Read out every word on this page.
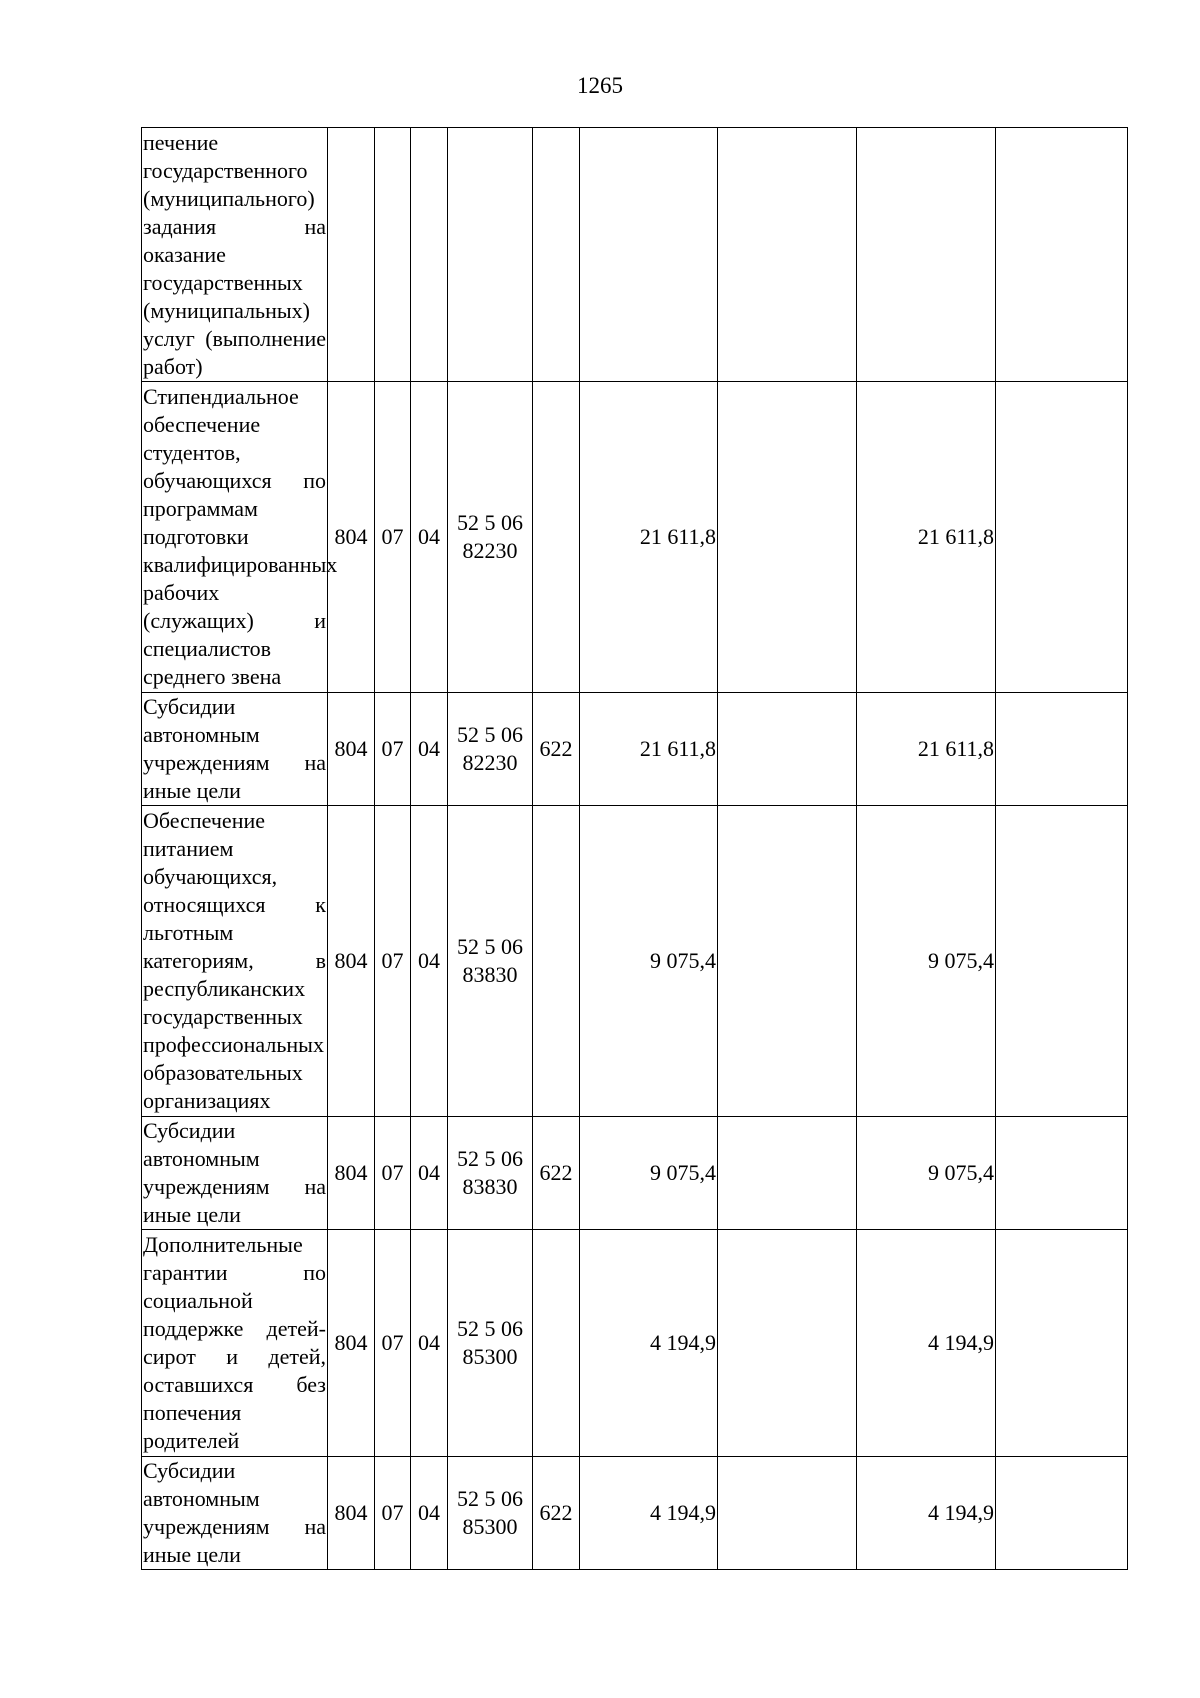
1265
печение государственного (муниципального) задания на оказание государственных (муниципальных) услуг (выполнение работ)									
Стипендиальное обеспечение студентов, обучающихся по программам подготовки квалифицированных рабочих (служащих) и специалистов среднего звена	804	07	04	52 5 06 82230		21 611,8		21 611,8	
Субсидии автономным учреждениям на иные цели	804	07	04	52 5 06 82230	622	21 611,8		21 611,8	
Обеспечение питанием обучающихся, относящихся к льготным категориям, в республиканских государственных профессиональных образовательных организациях	804	07	04	52 5 06 83830		9 075,4		9 075,4	
Субсидии автономным учреждениям на иные цели	804	07	04	52 5 06 83830	622	9 075,4		9 075,4	
Дополнительные гарантии по социальной поддержке детей-сирот и детей, оставшихся без попечения родителей	804	07	04	52 5 06 85300		4 194,9		4 194,9	
Субсидии автономным учреждениям на иные цели	804	07	04	52 5 06 85300	622	4 194,9		4 194,9	
